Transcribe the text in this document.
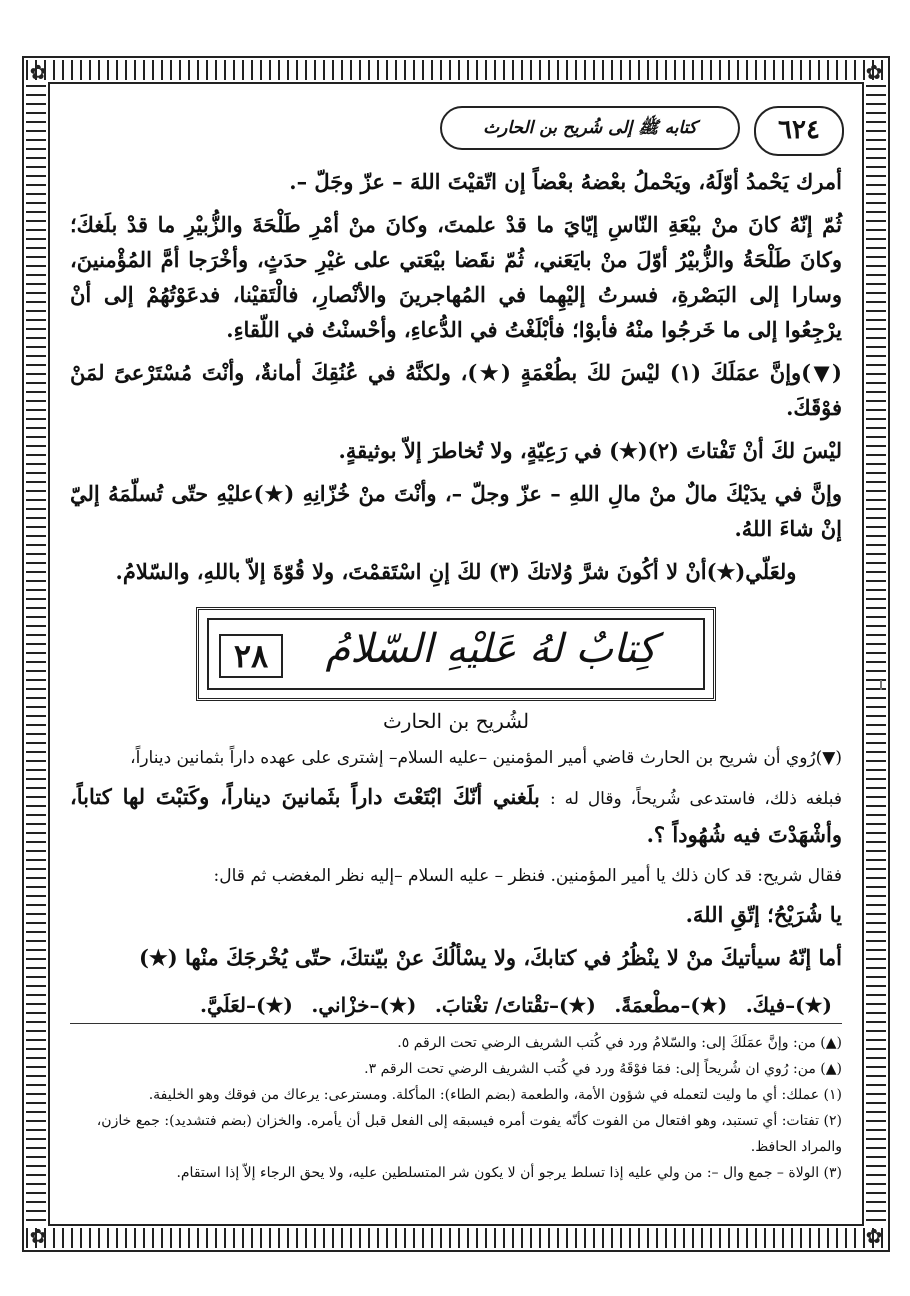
✿	✿
✿	✿
٦٢٤
كتابه ﷺ إلى شُريح بن الحارث
أمرك يَحْمدُ أوّلَهُ، ويَحْملُ بعْضهُ بعْضاً إن اتّقيْتَ اللهَ – عزّ وجَلّ –.
ثُمّ إنّهُ كانَ منْ بيْعَةِ النّاسِ إيّايَ ما قدْ علمتَ، وكانَ منْ أمْرِ طَلْحَةَ والزُّبيْرِ ما قدْ بلَغكَ؛ وكانَ طَلْحَةُ والزُّبيْرُ أوّلَ منْ بايَعَني، ثُمّ نقَضا بيْعَتي على غيْرِ حدَثٍ، وأخْرَجا أمَّ المُؤْمنينَ، وسارا إلى البَصْرةِ، فسرتُ إليْهِما في المُهاجرينَ والأنْصارِ، فالْتَقيْنا، فدعَوْتُهُمْ إلى أنْ يرْجِعُوا إلى ما خَرجُوا منْهُ فأبوْا؛ فأبْلَغْتُ في الدُّعاءِ، وأحْسنْتُ في اللّقاءِ.
(▼)وإنَّ عمَلَكَ (١) ليْسَ لكَ بطُعْمَةٍ (★)، ولكنَّهُ في عُنُقِكَ أمانةٌ، وأنْتَ مُسْتَرْعىً لمَنْ فوْقَكَ.
ليْسَ لكَ أنْ تَفْتاتَ (٢)(★) في رَعِيّةٍ، ولا تُخاطرَ إلاّ بوثيقةٍ.
وإنَّ في يدَيْكَ مالٌ منْ مالِ اللهِ – عزّ وجلّ –، وأنْتَ منْ خُزّانِهِ (★)عليْهِ حتّى تُسلّمَهُ إليّ إنْ شاءَ اللهُ.
ولعَلّي(★)أنْ لا أكُونَ شرَّ وُلاتكَ (٣) لكَ إنِ اسْتَقمْتَ، ولا قُوّةَ إلاّ باللهِ، والسّلامُ.
كِتابٌ لهُ عَليْهِ السّلامُ
٢٨
لشُريح بن الحارث
(▼)رُوي أن شريح بن الحارث قاضي أمير المؤمنين –عليه السلام– إشترى على عهده داراً بثمانين ديناراً،
فبلغه ذلك، فاستدعى شُريحاً، وقال له : بلَغني أنّكَ ابْتَعْتَ داراً بثَمانينَ ديناراً، وكَتبْتَ لها كتاباً، وأشْهَدْتَ فيه شُهُوداً ؟.
فقال شريح: قد كان ذلك يا أمير المؤمنين. فنظر – عليه السلام –إليه نظر المغضب ثم قال:
يا شُرَيْحُ؛ إتّقِ اللهَ.
أما إنّهُ سيأتيكَ منْ لا ينْظُرُ في كتابكَ، ولا يسْألُكَ عنْ بيّنتكَ، حتّى يُخْرجَكَ منْها (★)
(★)–فيكَ.
(★)–مطْعمَةً.
(★)–تقْتاتَ/ تغْتابَ.
(★)–خزْاني.
(★)–لعَلَيَّ.
(▲) من: وإنَّ عمَلَكَ إلى: والسّلامُ ورد في كُتب الشريف الرضي تحت الرقم ٥.
(▲) من: رُوي ان شُريحاً إلى: فمَا فوْقَهُ ورد في كُتب الشريف الرضي تحت الرقم ٣.
(١) عملك: أي ما وليت لتعمله في شؤون الأمة، والطعمة (بضم الطاء): المأكلة. ومسترعى: يرعاك من فوقك وهو الخليفة.
(٢) تفتات: أي تستبد، وهو افتعال من الفوت كأنّه يفوت أمره فيسبقه إلى الفعل قبل أن يأمره. والخزان (بضم فتشديد): جمع خازن، والمراد الحافظ.
(٣) الولاة – جمع وال –: من ولي عليه إذا تسلط يرجو أن لا يكون شر المتسلطين عليه، ولا يحق الرجاء إلاّ إذا استقام.
